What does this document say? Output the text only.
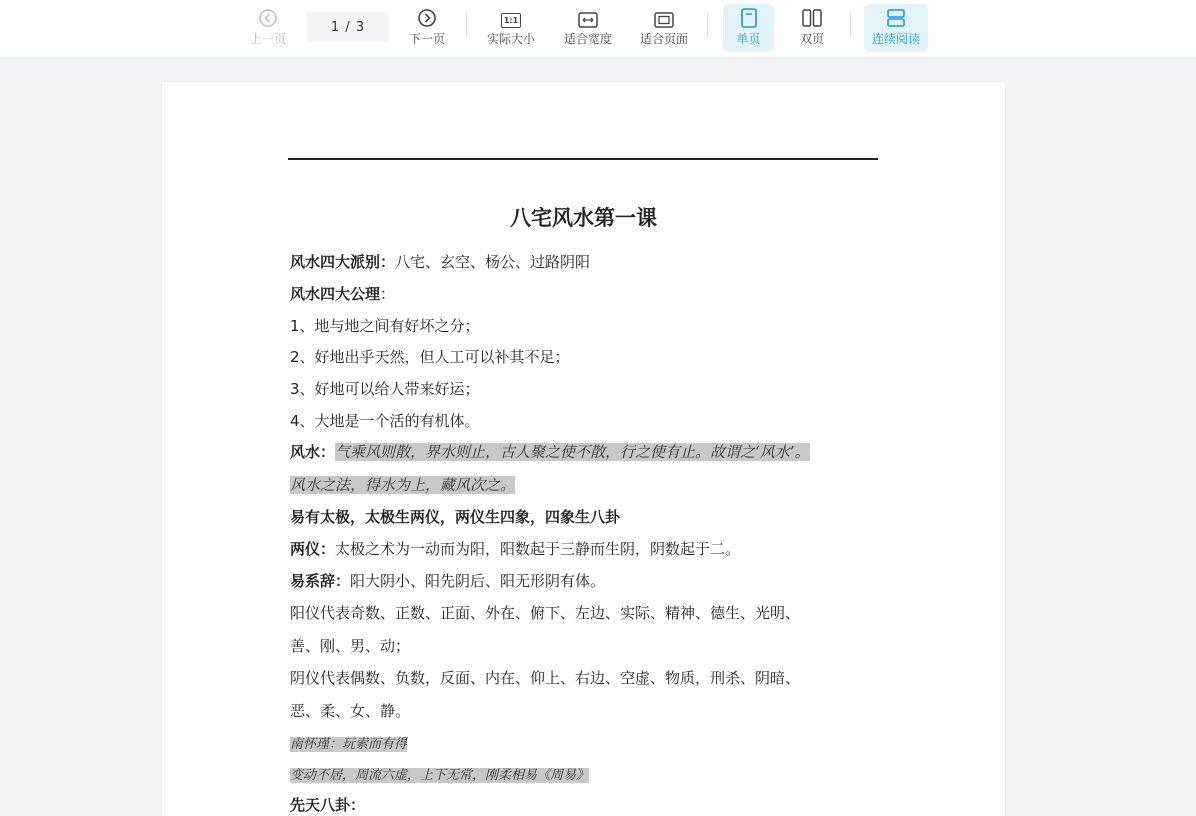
上一页
1 / 3
下一页
1:1
实际大小 适合宽度 适合页面	单页	双页	连续阅读
八宅风水第一课
风水四大派别：八宅、玄空、杨公、过路阴阳
风水四大公理：
1、地与地之间有好坏之分；
2、好地出乎天然，但人工可以补其不足；
3、好地可以给人带来好运；
4、大地是一个活的有机体。
风水：气乘风则散，界水则止，古人聚之使不散，行之使有止。故谓之‘风水’。
风水之法，得水为上，藏风次之。
易有太极，太极生两仪，两仪生四象，四象生八卦
两仪：太极之术为一动而为阳，阳数起于三静而生阴，阴数起于二。
易系辞：阳大阴小、阳先阴后、阳无形阴有体。
阳仪代表奇数、正数、正面、外在、俯下、左边、实际、精神、德生、光明、
善、刚、男、动；
阴仪代表偶数、负数，反面、内在、仰上、右边、空虚、物质，刑杀、阴暗、
恶、柔、女、静。
南怀瑾：玩索而有得
变动不居，周流六虚，上下无常，刚柔相易《周易》
先天八卦：
